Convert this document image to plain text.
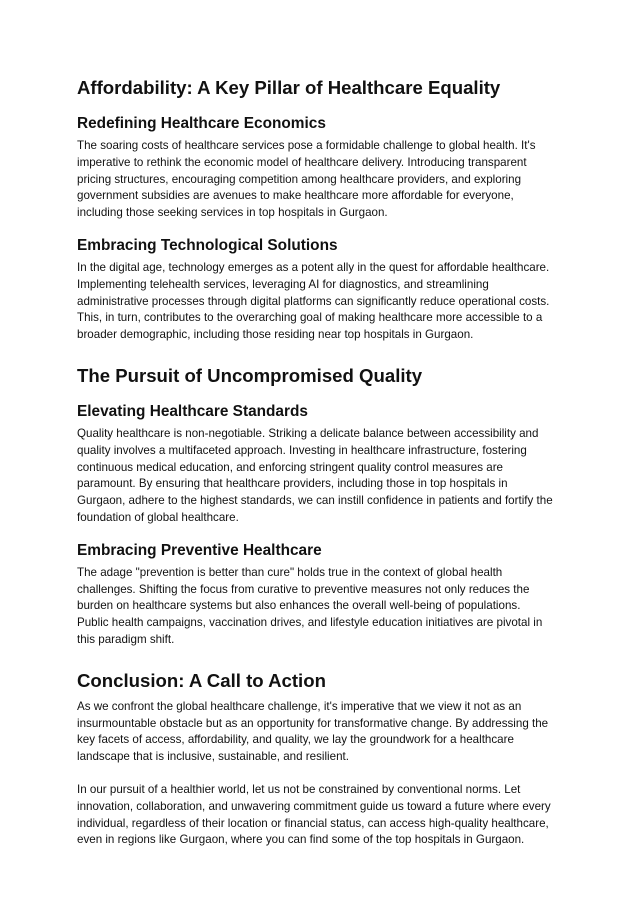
Affordability: A Key Pillar of Healthcare Equality
Redefining Healthcare Economics

The soaring costs of healthcare services pose a formidable challenge to global health. It's
imperative to rethink the economic model of healthcare delivery. Introducing transparent
pricing structures, encouraging competition among healthcare providers, and exploring
government subsidies are avenues to make healthcare more affordable for everyone,
including those seeking services in top hospitals in Gurgaon.

Embracing Technological Solutions

In the digital age, technology emerges as a potent ally in the quest for affordable healthcare.
Implementing telehealth services, leveraging AI for diagnostics, and streamlining
administrative processes through digital platforms can significantly reduce operational costs.
This, in turn, contributes to the overarching goal of making healthcare more accessible to a
broader demographic, including those residing near top hospitals in Gurgaon.

The Pursuit of Uncompromised Quality
Elevating Healthcare Standards

Quality healthcare is non-negotiable. Striking a delicate balance between accessibility and
quality involves a multifaceted approach. Investing in healthcare infrastructure, fostering
continuous medical education, and enforcing stringent quality control measures are
paramount. By ensuring that healthcare providers, including those in top hospitals in
Gurgaon, adhere to the highest standards, we can instill confidence in patients and fortify the
foundation of global healthcare.

Embracing Preventive Healthcare

The adage "prevention is better than cure" holds true in the context of global health
challenges. Shifting the focus from curative to preventive measures not only reduces the
burden on healthcare systems but also enhances the overall well-being of populations.
Public health campaigns, vaccination drives, and lifestyle education initiatives are pivotal in
this paradigm shift.

Conclusion: A Call to Action

As we confront the global healthcare challenge, it's imperative that we view it not as an
insurmountable obstacle but as an opportunity for transformative change. By addressing the
key facets of access, affordability, and quality, we lay the groundwork for a healthcare
landscape that is inclusive, sustainable, and resilient.

In our pursuit of a healthier world, let us not be constrained by conventional norms. Let
innovation, collaboration, and unwavering commitment guide us toward a future where every
individual, regardless of their location or financial status, can access high-quality healthcare,
even in regions like Gurgaon, where you can find some of the top hospitals in Gurgaon.
